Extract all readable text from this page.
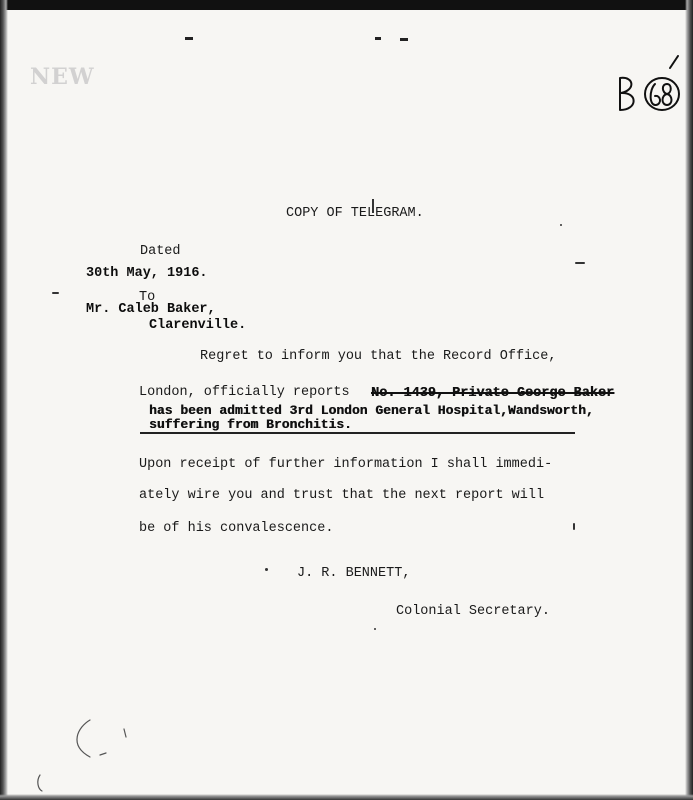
NEW
B68
COPY OF TELEGRAM.
Dated
30th May, 1916.
To
Mr. Caleb Baker,
Clarenville.
Regret to inform you that the Record Office,
London, officially reports No. 1439, Private George Baker
has been admitted 3rd London General Hospital,Wandsworth,
suffering from Bronchitis.
Upon receipt of further information I shall immedi-
ately wire you and trust that the next report will
be of his convalescence.
J. R. BENNETT,
Colonial Secretary.
